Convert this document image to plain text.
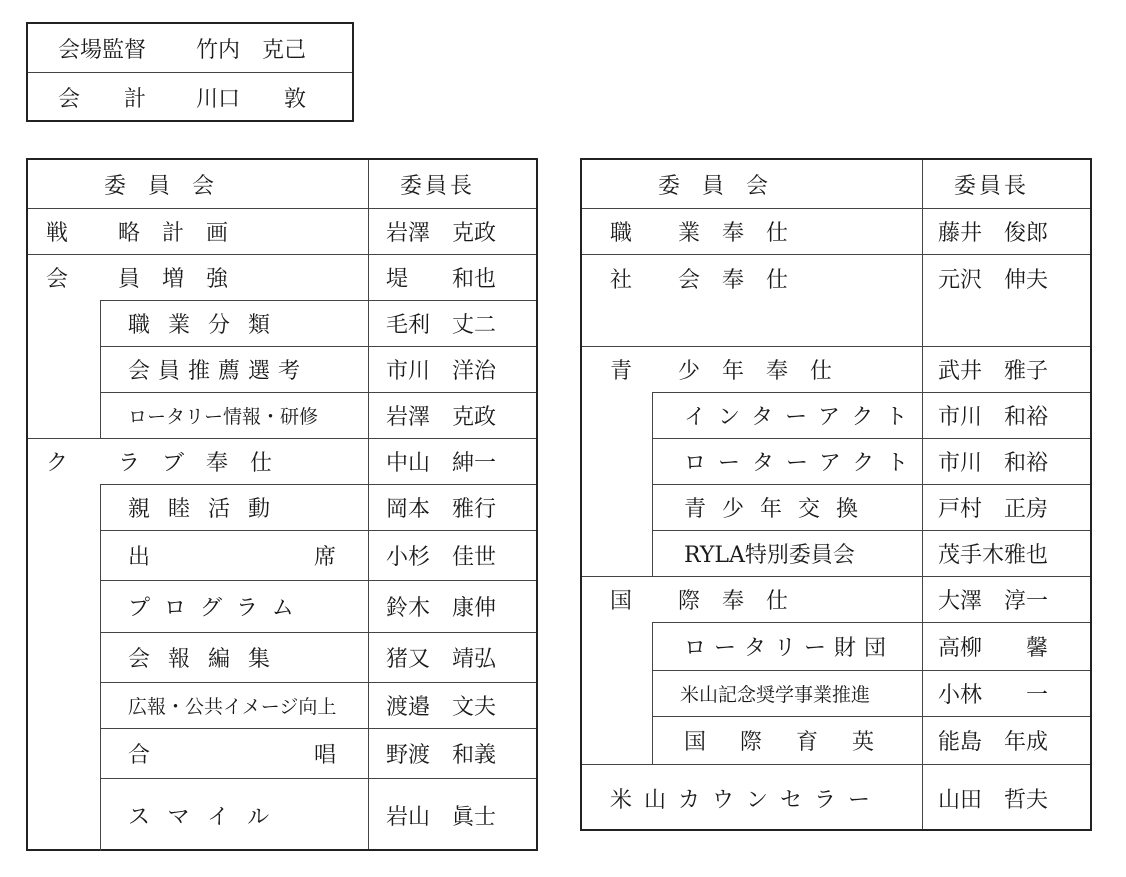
会場監督 竹内　克己
会　　計 川口　　敦
委　員　会	委員長
戦 略　計　画	岩澤　克政
会 員　増　強	堤　　和也
職業分類	毛利　丈二
会員推薦選考	市川　洋治
ロータリー情報・研修	岩澤　克政
ク ラ　ブ　奉　仕	中山　紳一
親睦活動	岡本　雅行
出　　席 小杉　佳世
プログラム	鈴木　康伸
会報編集	猪又　靖弘
広報・公共イメージ向上 渡邉　文夫
合　　唱 野渡　和義
スマイル	岩山　眞士
委　員　会	委員長
職 業　奉　仕	藤井　俊郎
社 会　奉　仕	元沢　伸夫
青 少　年　奉　仕	武井　雅子
インターアクト 市川　和裕
ローターアクト 市川　和裕
青少年交換	戸村　正房
RYLA特別委員会	茂手木雅也
国 際　奉　仕	大澤　淳一
ロータリー財団 高柳　　馨
米山記念奨学事業推進	小林　　一
国際育英 能島　年成
米山カウンセラー	山田　哲夫
